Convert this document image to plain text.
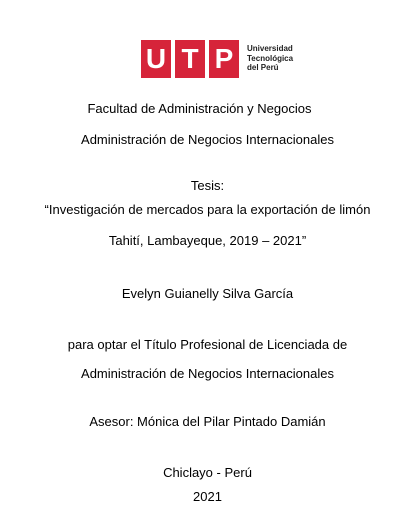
U T P	Universidad
Tecnológica
del Perú
Facultad de Administración y Negocios
Administración de Negocios Internacionales
Tesis:
“Investigación de mercados para la exportación de limón
Tahití, Lambayeque, 2019 – 2021”
Evelyn Guianelly Silva García
para optar el Título Profesional de Licenciada de
Administración de Negocios Internacionales
Asesor: Mónica del Pilar Pintado Damián
Chiclayo - Perú
2021
